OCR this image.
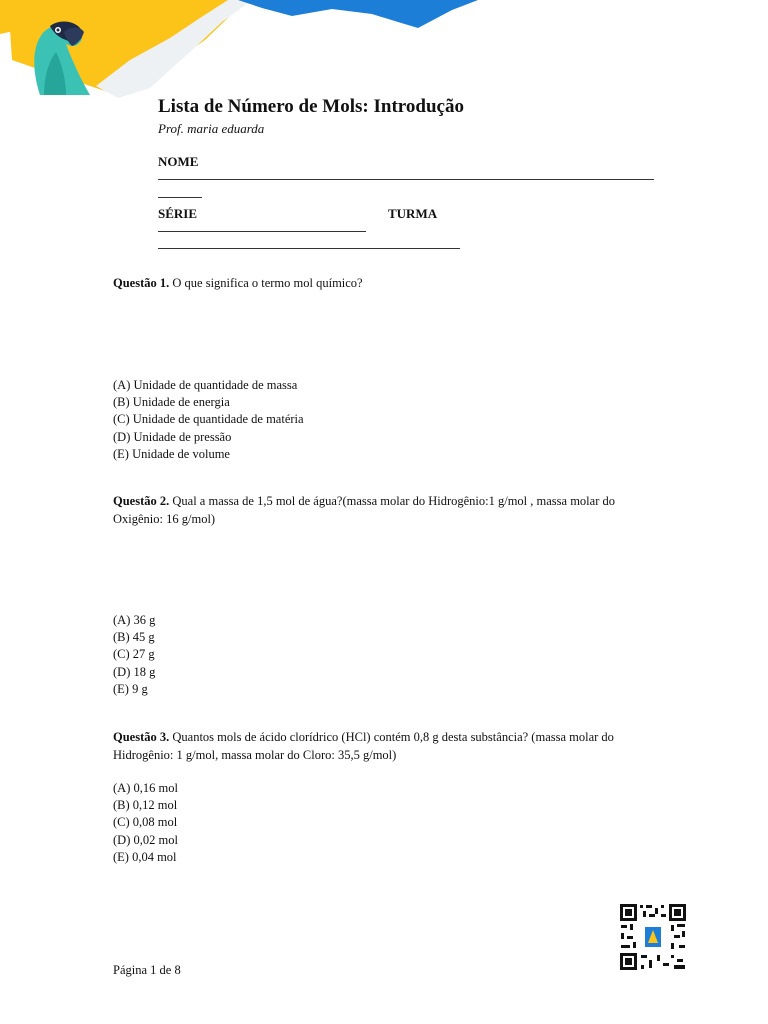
Lista de Número de Mols: Introdução
Prof. maria eduarda
NOME
SÉRIE	TURMA
Questão 1. O que significa o termo mol químico?
(A) Unidade de quantidade de massa
(B) Unidade de energia
(C) Unidade de quantidade de matéria
(D) Unidade de pressão
(E) Unidade de volume
Questão 2. Qual a massa de 1,5 mol de água?(massa molar do Hidrogênio:1 g/mol , massa molar do
Oxigênio: 16 g/mol)
(A) 36 g
(B) 45 g
(C) 27 g
(D) 18 g
(E) 9 g
Questão 3. Quantos mols de ácido clorídrico (HCl) contém 0,8 g desta substância? (massa molar do
Hidrogênio: 1 g/mol, massa molar do Cloro: 35,5 g/mol)
(A) 0,16 mol
(B) 0,12 mol
(C) 0,08 mol
(D) 0,02 mol
(E) 0,04 mol
Página 1 de 8
